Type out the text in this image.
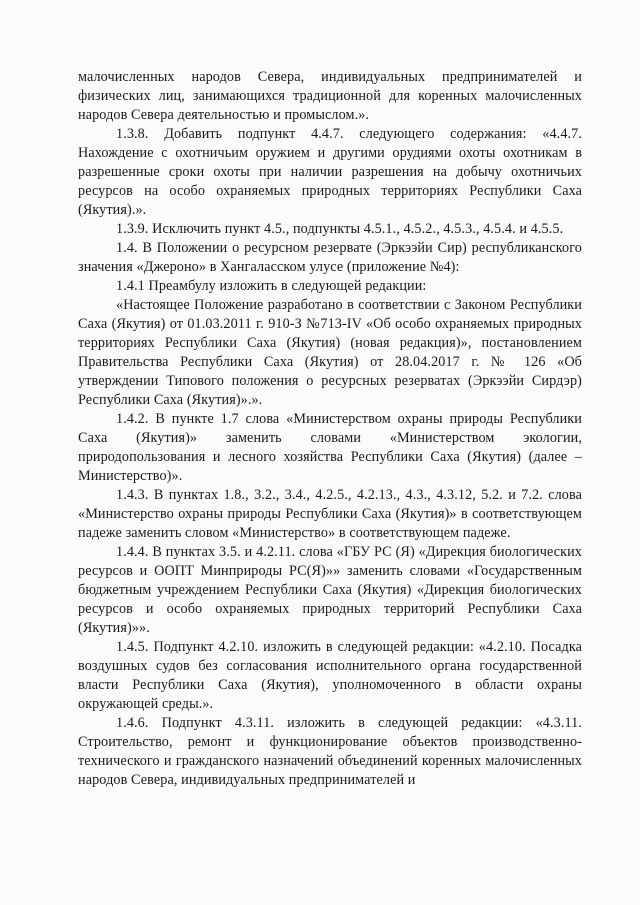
малочисленных народов Севера, индивидуальных предпринимателей и физических лиц, занимающихся традиционной для коренных малочисленных народов Севера деятельностью и промыслом.».

1.3.8. Добавить подпункт 4.4.7. следующего содержания: «4.4.7. Нахождение с охотничьим оружием и другими орудиями охоты охотникам в разрешенные сроки охоты при наличии разрешения на добычу охотничьих ресурсов на особо охраняемых природных территориях Республики Саха (Якутия).».

1.3.9. Исключить пункт 4.5., подпункты 4.5.1., 4.5.2., 4.5.3., 4.5.4. и 4.5.5.

1.4. В Положении о ресурсном резервате (Эркээйи Сир) республиканского значения «Джероно» в Хангаласском улусе (приложение №4):

1.4.1 Преамбулу изложить в следующей редакции:

«Настоящее Положение разработано в соответствии с Законом Республики Саха (Якутия) от 01.03.2011 г. 910-З №713-IV «Об особо охраняемых природных территориях Республики Саха (Якутия) (новая редакция)», постановлением Правительства Республики Саха (Якутия) от 28.04.2017 г. № 126 «Об утверждении Типового положения о ресурсных резерватах (Эркээйи Сирдэр) Республики Саха (Якутия)».».

1.4.2. В пункте 1.7 слова «Министерством охраны природы Республики Саха (Якутия)» заменить словами «Министерством экологии, природопользования и лесного хозяйства Республики Саха (Якутия) (далее – Министерство)».

1.4.3. В пунктах 1.8., 3.2., 3.4., 4.2.5., 4.2.13., 4.3., 4.3.12, 5.2. и 7.2. слова «Министерство охраны природы Республики Саха (Якутия)» в соответствующем падеже заменить словом «Министерство» в соответствующем падеже.

1.4.4. В пунктах 3.5. и 4.2.11. слова «ГБУ РС (Я) «Дирекция биологических ресурсов и ООПТ Минприроды РС(Я)»» заменить словами «Государственным бюджетным учреждением Республики Саха (Якутия) «Дирекция биологических ресурсов и особо охраняемых природных территорий Республики Саха (Якутия)»».

1.4.5. Подпункт 4.2.10. изложить в следующей редакции: «4.2.10. Посадка воздушных судов без согласования исполнительного органа государственной власти Республики Саха (Якутия), уполномоченного в области охраны окружающей среды.».

1.4.6. Подпункт 4.3.11. изложить в следующей редакции: «4.3.11. Строительство, ремонт и функционирование объектов производственно-технического и гражданского назначений объединений коренных малочисленных народов Севера, индивидуальных предпринимателей и
